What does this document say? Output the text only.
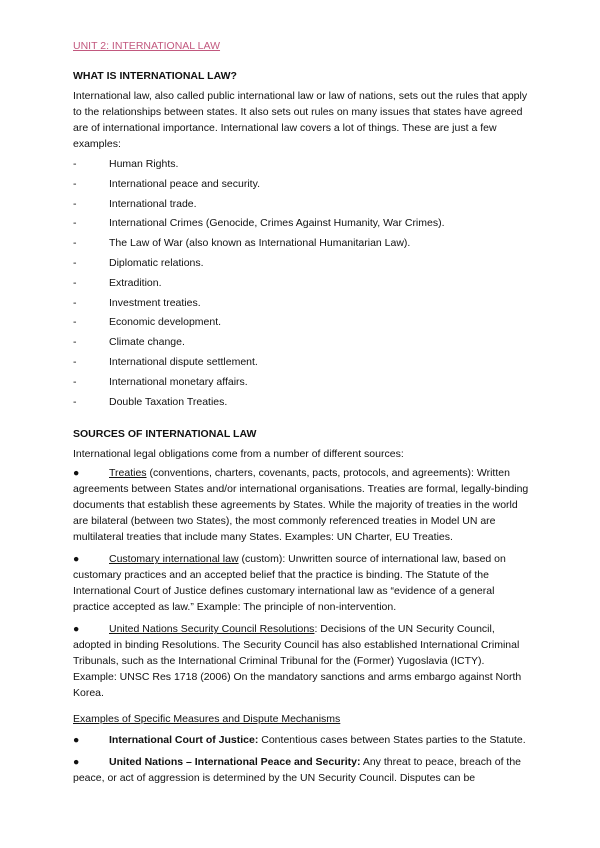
UNIT 2: INTERNATIONAL LAW
WHAT IS INTERNATIONAL LAW?

International law, also called public international law or law of nations, sets out the rules that apply to the relationships between states. It also sets out rules on many issues that states have agreed are of international importance. International law covers a lot of things. These are just a few examples:

-	Human Rights.
-	International peace and security.
-	International trade.
-	International Crimes (Genocide, Crimes Against Humanity, War Crimes).
-	The Law of War (also known as International Humanitarian Law).
-	Diplomatic relations.
-	Extradition.
-	Investment treaties.
-	Economic development.
-	Climate change.
-	International dispute settlement.
-	International monetary affairs.
-	Double Taxation Treaties.
SOURCES OF INTERNATIONAL LAW

International legal obligations come from a number of different sources:

●	Treaties (conventions, charters, covenants, pacts, protocols, and agreements): Written agreements between States and/or international organisations. Treaties are formal, legally-binding documents that establish these agreements by States. While the majority of treaties in the world are bilateral (between two States), the most commonly referenced treaties in Model UN are multilateral treaties that include many States. Examples: UN Charter, EU Treaties.

●	Customary international law (custom): Unwritten source of international law, based on customary practices and an accepted belief that the practice is binding. The Statute of the International Court of Justice defines customary international law as “evidence of a general practice accepted as law.” Example: The principle of non-intervention.

●	United Nations Security Council Resolutions: Decisions of the UN Security Council, adopted in binding Resolutions. The Security Council has also established International Criminal Tribunals, such as the International Criminal Tribunal for the (Former) Yugoslavia (ICTY). Example: UNSC Res 1718 (2006) On the mandatory sanctions and arms embargo against North Korea.

Examples of Specific Measures and Dispute Mechanisms

●	International Court of Justice: Contentious cases between States parties to the Statute.

●	United Nations – International Peace and Security: Any threat to peace, breach of the peace, or act of aggression is determined by the UN Security Council. Disputes can be
